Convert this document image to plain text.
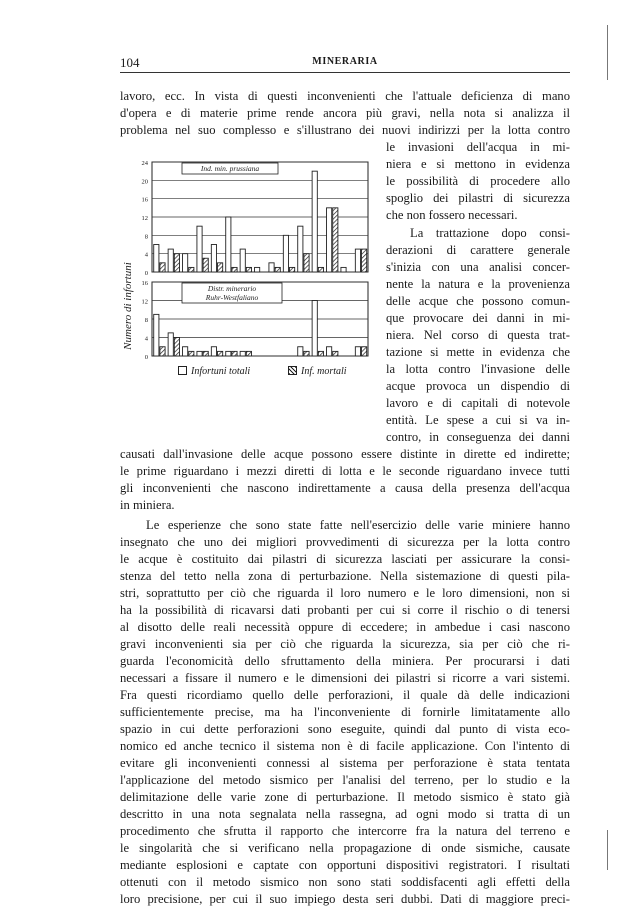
104	MINERARIA
lavoro, ecc. In vista di questi inconvenienti che l'attuale deficienza di mano
d'opera e di materie prime rende ancora più gravi, nella nota si analizza il
problema nel suo complesso e s'illustrano dei nuovi indirizzi per la lotta contro
le invasioni dell'acqua in mi-
niera e si mettono in evidenza
le possibilità di procedere allo
spoglio dei pilastri di sicurezza
che non fossero necessari.
La trattazione dopo consi-
derazioni di carattere generale
s'inizia con una analisi concer-
nente la natura e la provenienza
delle acque che possono comun-
que provocare dei danni in mi-
niera. Nel corso di questa trat-
tazione si mette in evidenza che
la lotta contro l'invasione delle
acque provoca un dispendio di
lavoro e di capitali di notevole
entità. Le spese a cui si va in-
contro, in conseguenza dei danni
causati dall'invasione delle acque possono essere distinte in dirette ed indirette;
le prime riguardano i mezzi diretti di lotta e le seconde riguardano invece tutti
gli inconvenienti che nascono indirettamente a causa della presenza dell'acqua
in miniera.
Le esperienze che sono state fatte nell'esercizio delle varie miniere hanno
insegnato che uno dei migliori provvedimenti di sicurezza per la lotta contro
le acque è costituito dai pilastri di sicurezza lasciati per assicurare la consi-
stenza del tetto nella zona di perturbazione. Nella sistemazione di questi pila-
stri, soprattutto per ciò che riguarda il loro numero e le loro dimensioni, non si
ha la possibilità di ricavarsi dati probanti per cui si corre il rischio o di tenersi
al disotto delle reali necessità oppure di eccedere; in ambedue i casi nascono
gravi inconvenienti sia per ciò che riguarda la sicurezza, sia per ciò che ri-
guarda l'economicità dello sfruttamento della miniera. Per procurarsi i dati
necessari a fissare il numero e le dimensioni dei pilastri si ricorre a vari sistemi.
Fra questi ricordiamo quello delle perforazioni, il quale dà delle indicazioni
sufficientemente precise, ma ha l'inconveniente di fornirle limitatamente allo
spazio in cui dette perforazioni sono eseguite, quindi dal punto di vista eco-
nomico ed anche tecnico il sistema non è di facile applicazione. Con l'intento di
evitare gli inconvenienti connessi al sistema per perforazione è stata tentata
l'applicazione del metodo sismico per l'analisi del terreno, per lo studio e la
delimitazione delle varie zone di perturbazione. Il metodo sismico è stato già
descritto in una nota segnalata nella rassegna, ad ogni modo si tratta di un
procedimento che sfrutta il rapporto che intercorre fra la natura del terreno e
le singolarità che si verificano nella propagazione di onde sismiche, causate
mediante esplosioni e captate con opportuni dispositivi registratori. I risultati
ottenuti con il metodo sismico non sono stati soddisfacenti agli effetti della
loro precisione, per cui il suo impiego desta seri dubbi. Dati di maggiore preci-
0
4
8
12
16
20
24
Ind. min. prussiana
0
4
8
12
16
Distr. minerario
Ruhr-Westfaliano
Numero di infortuni
Infortuni totali	Inf. mortali
